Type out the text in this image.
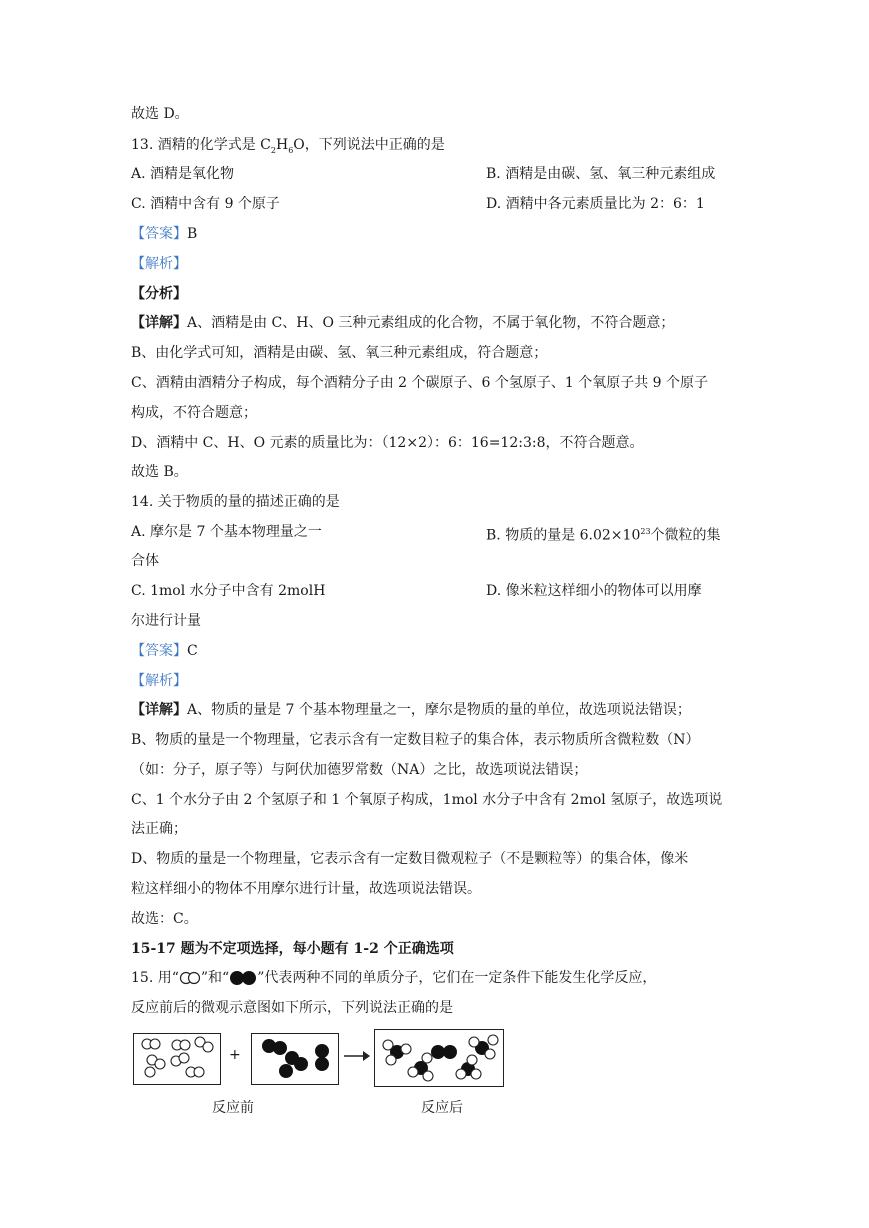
故选 D。
13. 酒精的化学式是 $C_2H_6O$，下列说法中正确的是
A. 酒精是氧化物	B. 酒精是由碳、氢、氧三种元素组成
C. 酒精中含有 9 个原子	D. 酒精中各元素质量比为 2：6：1
【答案】B
【解析】
【分析】
【详解】A、酒精是由 C、H、O 三种元素组成的化合物，不属于氧化物，不符合题意；
B、由化学式可知，酒精是由碳、氢、氧三种元素组成，符合题意；
C、酒精由酒精分子构成，每个酒精分子由 2 个碳原子、6 个氢原子、1 个氧原子共 9 个原子
构成，不符合题意；
D、酒精中 C、H、O 元素的质量比为：（12×2）：6：16=12:3:8，不符合题意。
故选 B。
14. 关于物质的量的描述正确的是
A. 摩尔是 7 个基本物理量之一	B. 物质的量是 $6.02\times 10^{23}$个微粒的集
合体
C. 1mol 水分子中含有 2molH	D. 像米粒这样细小的物体可以用摩
尔进行计量
【答案】C
【解析】
【详解】A、物质的量是 7 个基本物理量之一，摩尔是物质的量的单位，故选项说法错误；
B、物质的量是一个物理量，它表示含有一定数目粒子的集合体，表示物质所含微粒数（N）
（如：分子，原子等）与阿伏加德罗常数（NA）之比，故选项说法错误；
C、1 个水分子由 2 个氢原子和 1 个氧原子构成，1mol 水分子中含有 2mol 氢原子，故选项说
法正确；
D、物质的量是一个物理量，它表示含有一定数目微观粒子（不是颗粒等）的集合体，像米
粒这样细小的物体不用摩尔进行计量，故选项说法错误。
故选：C。
15-17 题为不定项选择，每小题有 1-2 个正确选项
15. 用“ ”和“ ”代表两种不同的单质分子，它们在一定条件下能发生化学反应，
反应前后的微观示意图如下所示，下列说法正确的是
+
反应前	反应后
